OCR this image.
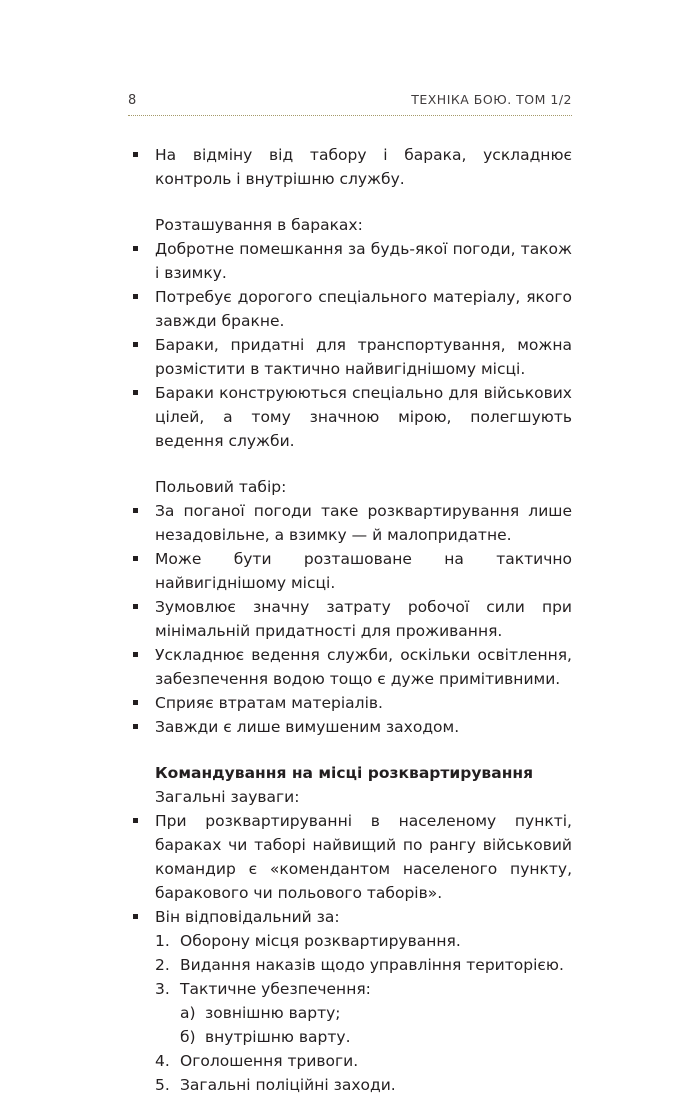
8	ТЕХНІКА БОЮ. ТОМ 1/2
На відміну від табору і барака, ускладнює контроль і внутрішню службу.
Розташування в бараках:
Добротне помешкання за будь-якої погоди, також і взимку.
Потребує дорогого спеціального матеріалу, якого завжди бракне.
Бараки, придатні для транспортування, можна розмістити в тактично найвигіднішому місці.
Бараки конструюються спеціально для військових цілей, а тому значною мірою, полегшують ведення служби.
Польовий табір:
За поганої погоди таке розквартирування лише незадовільне, а взимку — й малопридатне.
Може бути розташоване на тактично найвигіднішому місці.
Зумовлює значну затрату робочої сили при мінімальній придатності для проживання.
Ускладнює ведення служби, оскільки освітлення, забезпечення водою тощо є дуже примітивними.
Сприяє втратам матеріалів.
Завжди є лише вимушеним заходом.
Командування на місці розквартирування
Загальні зауваги:
При розквартируванні в населеному пункті, бараках чи таборі найвищий по рангу військовий командир є «комендантом населеного пункту, баракового чи польового таборів».
Він відповідальний за:
1. Оборону місця розквартирування.
2. Видання наказів щодо управління територією.
3. Тактичне убезпечення:
а) зовнішню варту;
б) внутрішню варту.
4. Оголошення тривоги.
5. Загальні поліційні заходи.
